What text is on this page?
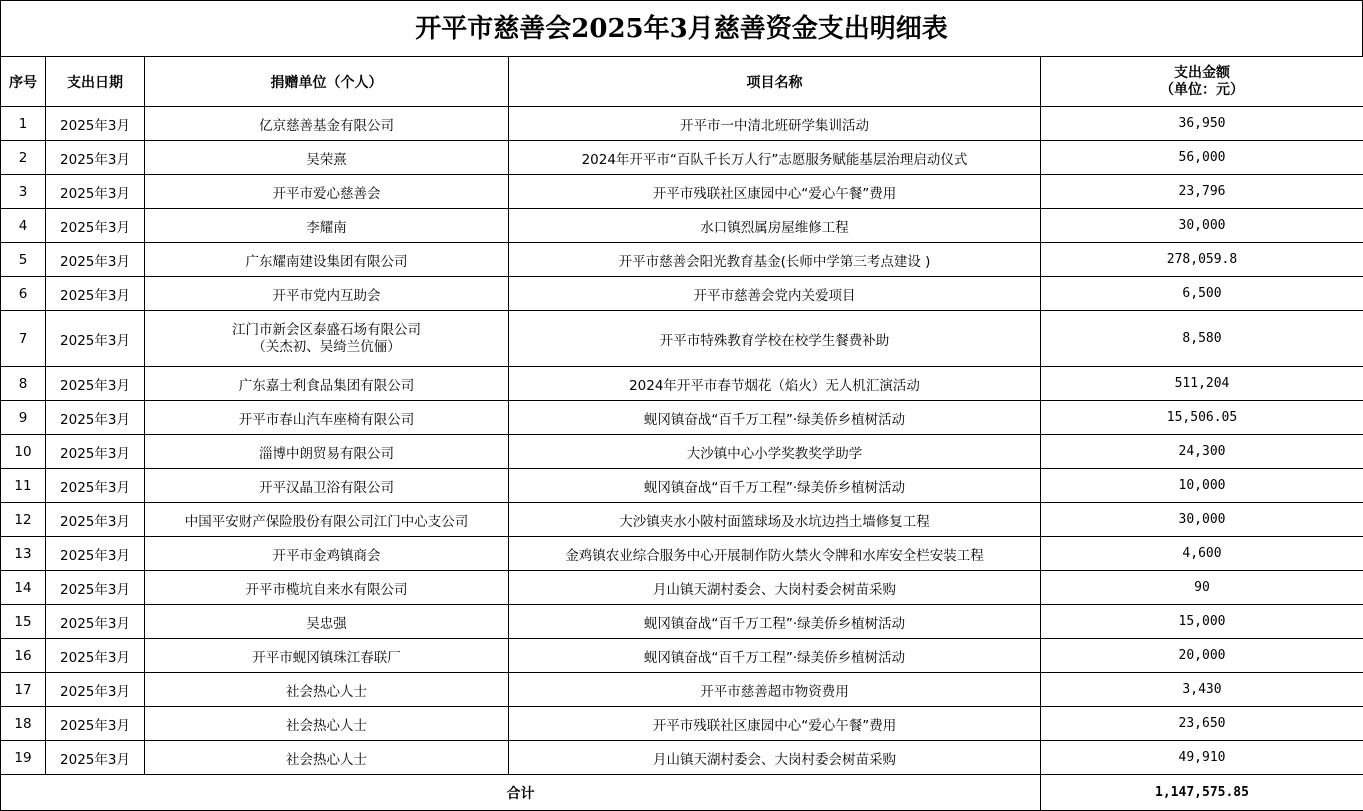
开平市慈善会2025年3月慈善资金支出明细表
序号	支出日期	捐赠单位（个人）	项目名称	支出金额
（单位：元）

1	2025年3月	亿京慈善基金有限公司	开平市一中清北班研学集训活动	36,950
2	2025年3月	吴荣熹	2024年开平市“百队千长万人行”志愿服务赋能基层治理启动仪式	56,000
3	2025年3月	开平市爱心慈善会	开平市残联社区康园中心“爱心午餐”费用	23,796
4	2025年3月	李耀南	水口镇烈属房屋维修工程	30,000
5	2025年3月	广东耀南建设集团有限公司	开平市慈善会阳光教育基金(长师中学第三考点建设 )	278,059.8
6	2025年3月	开平市党内互助会	开平市慈善会党内关爱项目	6,500
7	2025年3月	江门市新会区泰盛石场有限公司
（关杰初、吴绮兰伉俪）	开平市特殊教育学校在校学生餐费补助	8,580
8	2025年3月	广东嘉士利食品集团有限公司	2024年开平市春节烟花（焰火）无人机汇演活动	511,204
9	2025年3月	开平市春山汽车座椅有限公司	蚬冈镇奋战“百千万工程”·绿美侨乡植树活动	15,506.05
10	2025年3月	淄博中朗贸易有限公司	大沙镇中心小学奖教奖学助学	24,300
11	2025年3月	开平汉晶卫浴有限公司	蚬冈镇奋战“百千万工程”·绿美侨乡植树活动	10,000
12	2025年3月	中国平安财产保险股份有限公司江门中心支公司	大沙镇夹水小陂村面篮球场及水坑边挡土墙修复工程	30,000
13	2025年3月	开平市金鸡镇商会	金鸡镇农业综合服务中心开展制作防火禁火令牌和水库安全栏安装工程	4,600
14	2025年3月	开平市榄坑自来水有限公司	月山镇天湖村委会、大岗村委会树苗采购	90
15	2025年3月	吴忠强	蚬冈镇奋战“百千万工程”·绿美侨乡植树活动	15,000
16	2025年3月	开平市蚬冈镇珠江春联厂	蚬冈镇奋战“百千万工程”·绿美侨乡植树活动	20,000
17	2025年3月	社会热心人士	开平市慈善超市物资费用	3,430
18	2025年3月	社会热心人士	开平市残联社区康园中心“爱心午餐”费用	23,650
19	2025年3月	社会热心人士	月山镇天湖村委会、大岗村委会树苗采购	49,910
合计				1,147,575.85
